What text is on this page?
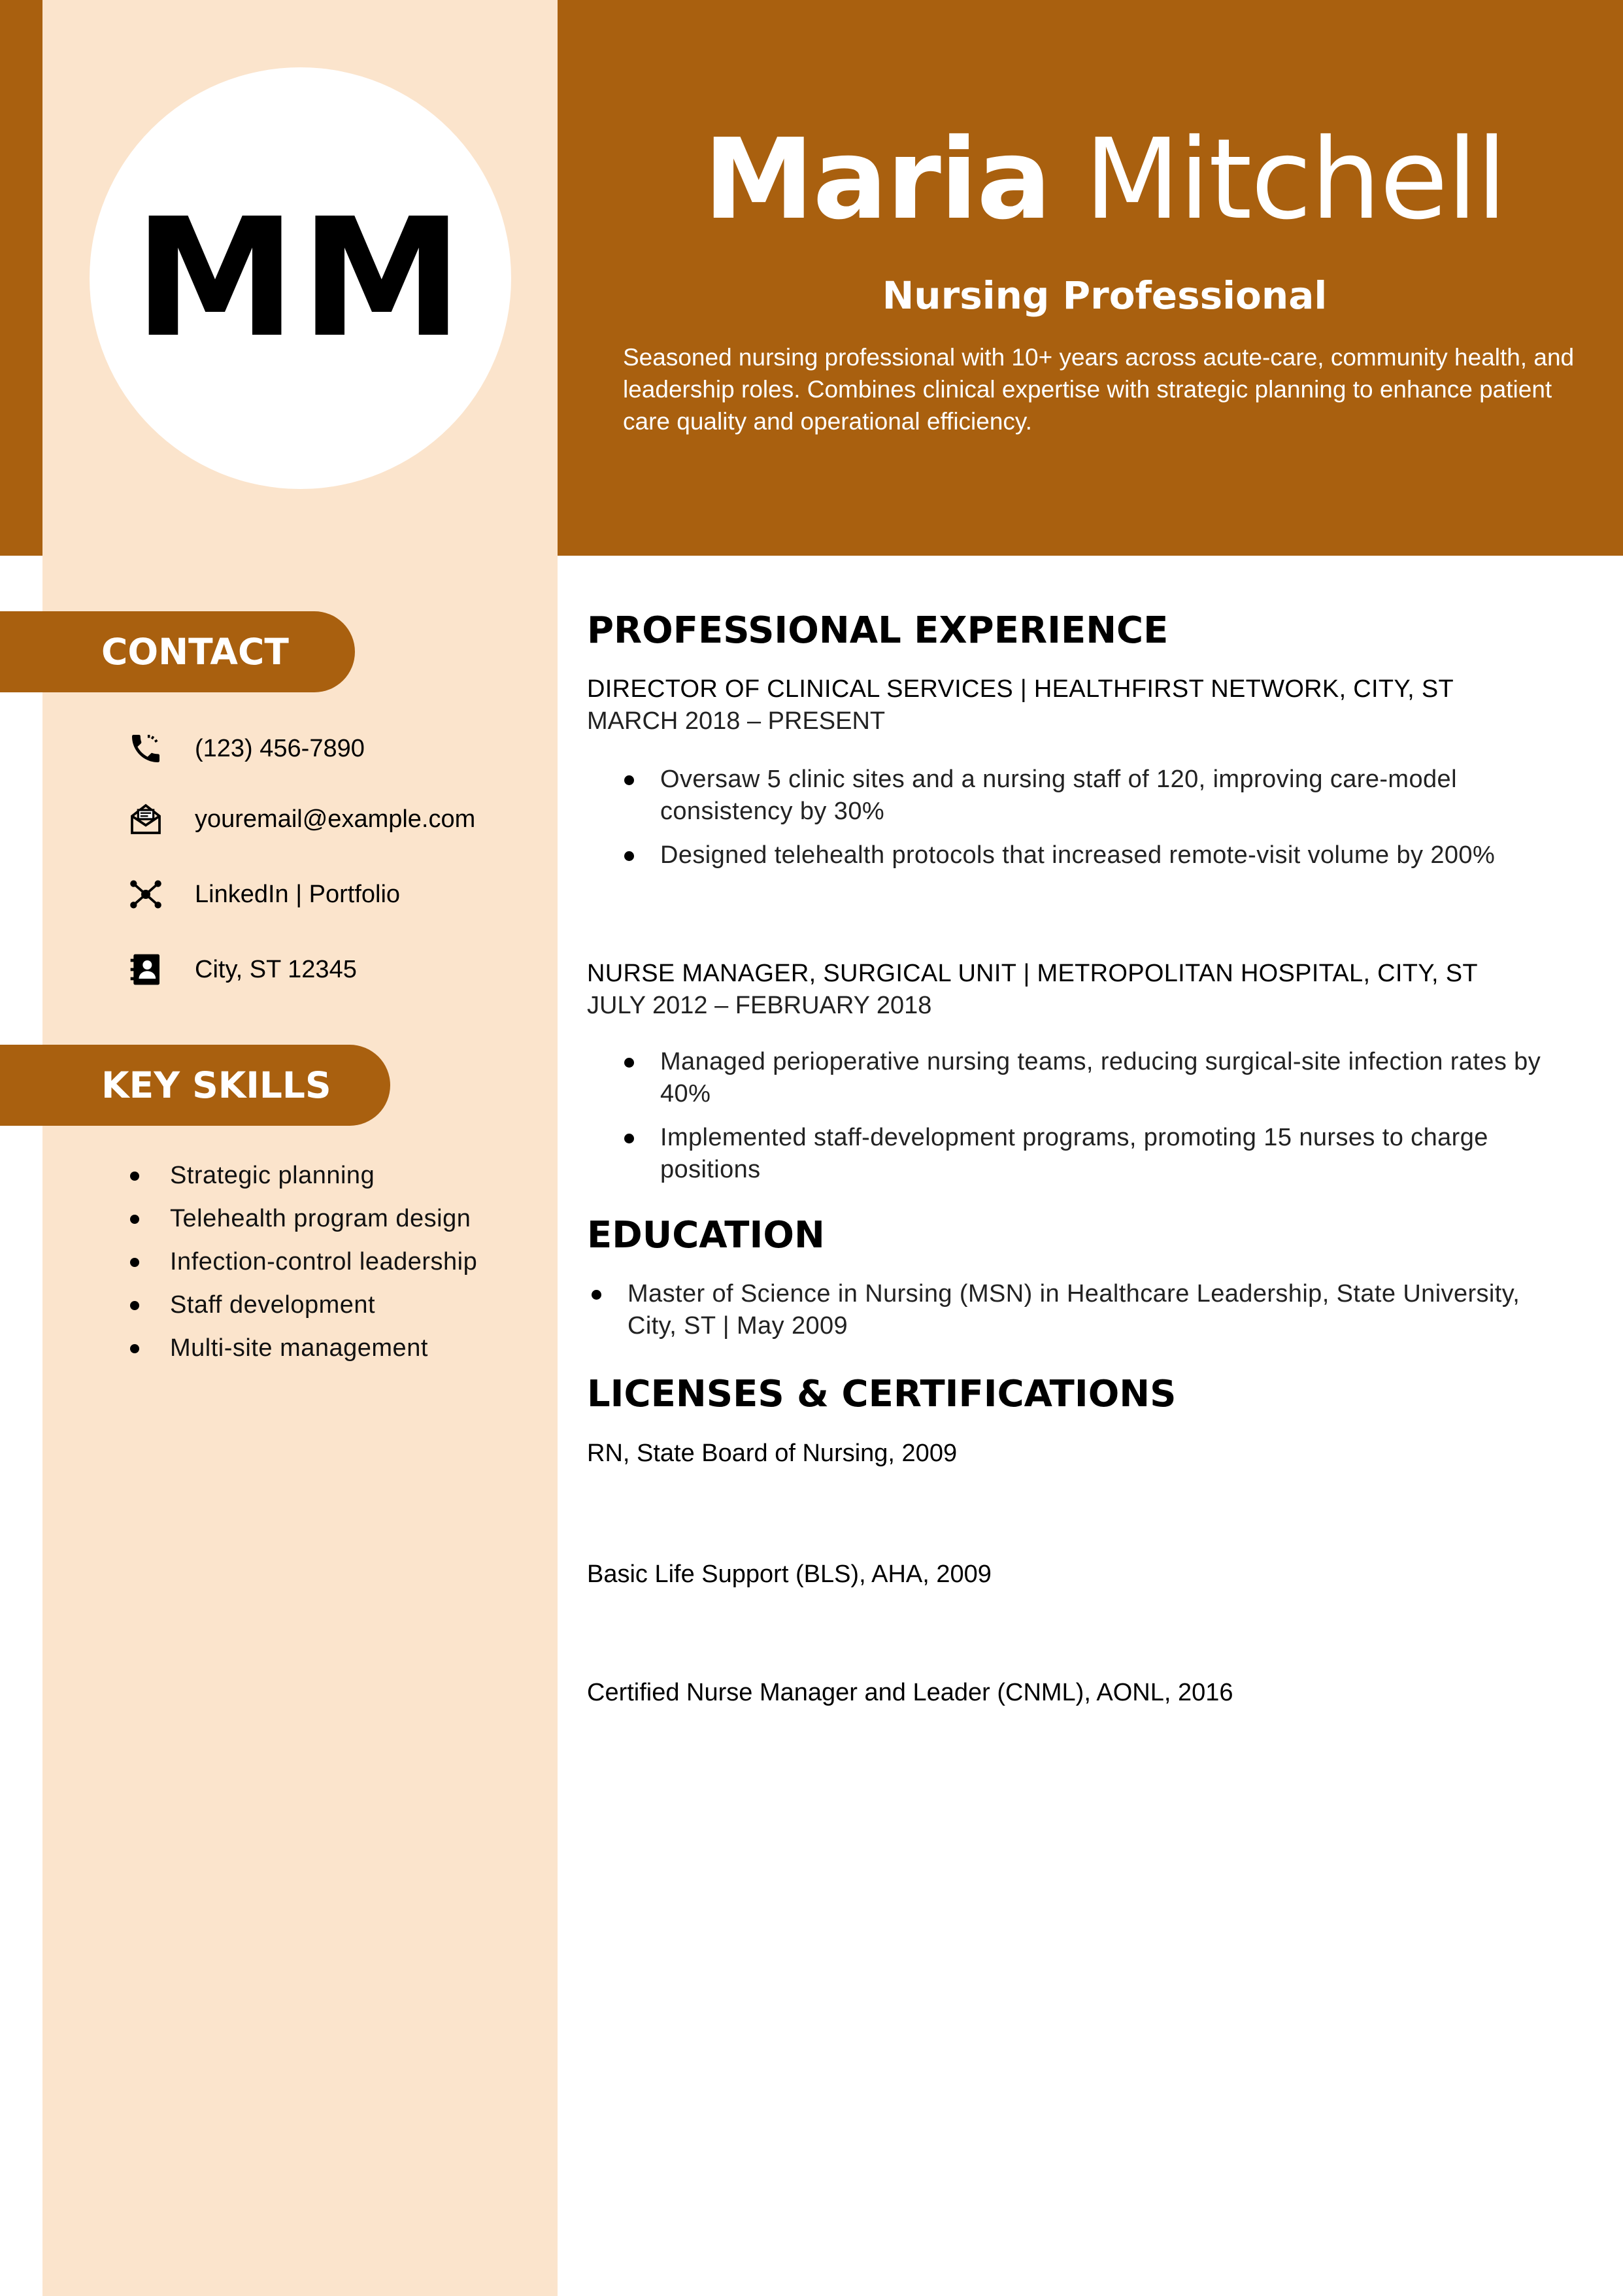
MM
Maria Mitchell
Nursing Professional
Seasoned nursing professional with 10+ years across acute-care, community health, and leadership roles. Combines clinical expertise with strategic planning to enhance patient care quality and operational efficiency.
CONTACT
(123) 456-7890
youremail@example.com
LinkedIn | Portfolio
City, ST 12345
KEY SKILLS
Strategic planning
Telehealth program design
Infection-control leadership
Staff development
Multi-site management
PROFESSIONAL EXPERIENCE
DIRECTOR OF CLINICAL SERVICES | HEALTHFIRST NETWORK, CITY, ST
MARCH 2018 – PRESENT
Oversaw 5 clinic sites and a nursing staff of 120, improving care-model consistency by 30%
Designed telehealth protocols that increased remote-visit volume by 200%
NURSE MANAGER, SURGICAL UNIT | METROPOLITAN HOSPITAL, CITY, ST
JULY 2012 – FEBRUARY 2018
Managed perioperative nursing teams, reducing surgical-site infection rates by 40%
Implemented staff-development programs, promoting 15 nurses to charge positions
EDUCATION
Master of Science in Nursing (MSN) in Healthcare Leadership, State University, City, ST | May 2009
LICENSES & CERTIFICATIONS
RN, State Board of Nursing, 2009
Basic Life Support (BLS), AHA, 2009
Certified Nurse Manager and Leader (CNML), AONL, 2016
